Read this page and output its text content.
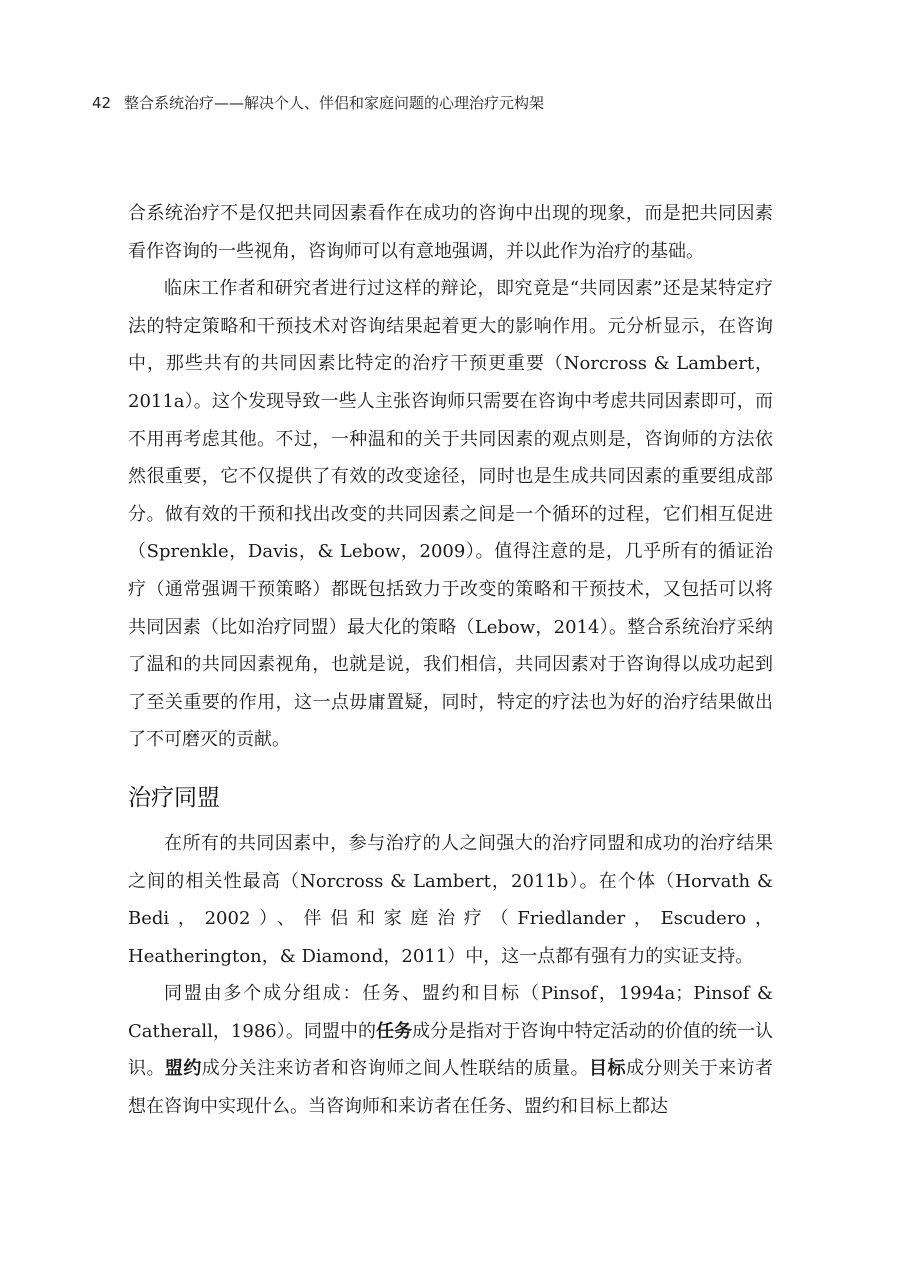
42 整合系统治疗——解决个人、伴侣和家庭问题的心理治疗元构架

合系统治疗不是仅把共同因素看作在成功的咨询中出现的现象，而是把共同因素看作咨询的一些视角，咨询师可以有意地强调，并以此作为治疗的基础。

临床工作者和研究者进行过这样的辩论，即究竟是“共同因素”还是某特定疗法的特定策略和干预技术对咨询结果起着更大的影响作用。元分析显示，在咨询中，那些共有的共同因素比特定的治疗干预更重要（Norcross & Lambert，2011a）。这个发现导致一些人主张咨询师只需要在咨询中考虑共同因素即可，而不用再考虑其他。不过，一种温和的关于共同因素的观点则是，咨询师的方法依然很重要，它不仅提供了有效的改变途径，同时也是生成共同因素的重要组成部分。做有效的干预和找出改变的共同因素之间是一个循环的过程，它们相互促进（Sprenkle，Davis，& Lebow，2009）。值得注意的是，几乎所有的循证治疗（通常强调干预策略）都既包括致力于改变的策略和干预技术，又包括可以将共同因素（比如治疗同盟）最大化的策略（Lebow，2014）。整合系统治疗采纳了温和的共同因素视角，也就是说，我们相信，共同因素对于咨询得以成功起到了至关重要的作用，这一点毋庸置疑，同时，特定的疗法也为好的治疗结果做出了不可磨灭的贡献。

治疗同盟

在所有的共同因素中，参与治疗的人之间强大的治疗同盟和成功的治疗结果之间的相关性最高（Norcross & Lambert，2011b）。在个体（Horvath & Bedi，2002）、伴侣和家庭治疗（Friedlander，Escudero，Heatherington，& Diamond，2011）中，这一点都有强有力的实证支持。

同盟由多个成分组成：任务、盟约和目标（Pinsof，1994a；Pinsof & Catherall，1986）。同盟中的任务成分是指对于咨询中特定活动的价值的统一认识。盟约成分关注来访者和咨询师之间人性联结的质量。目标成分则关于来访者想在咨询中实现什么。当咨询师和来访者在任务、盟约和目标上都达
